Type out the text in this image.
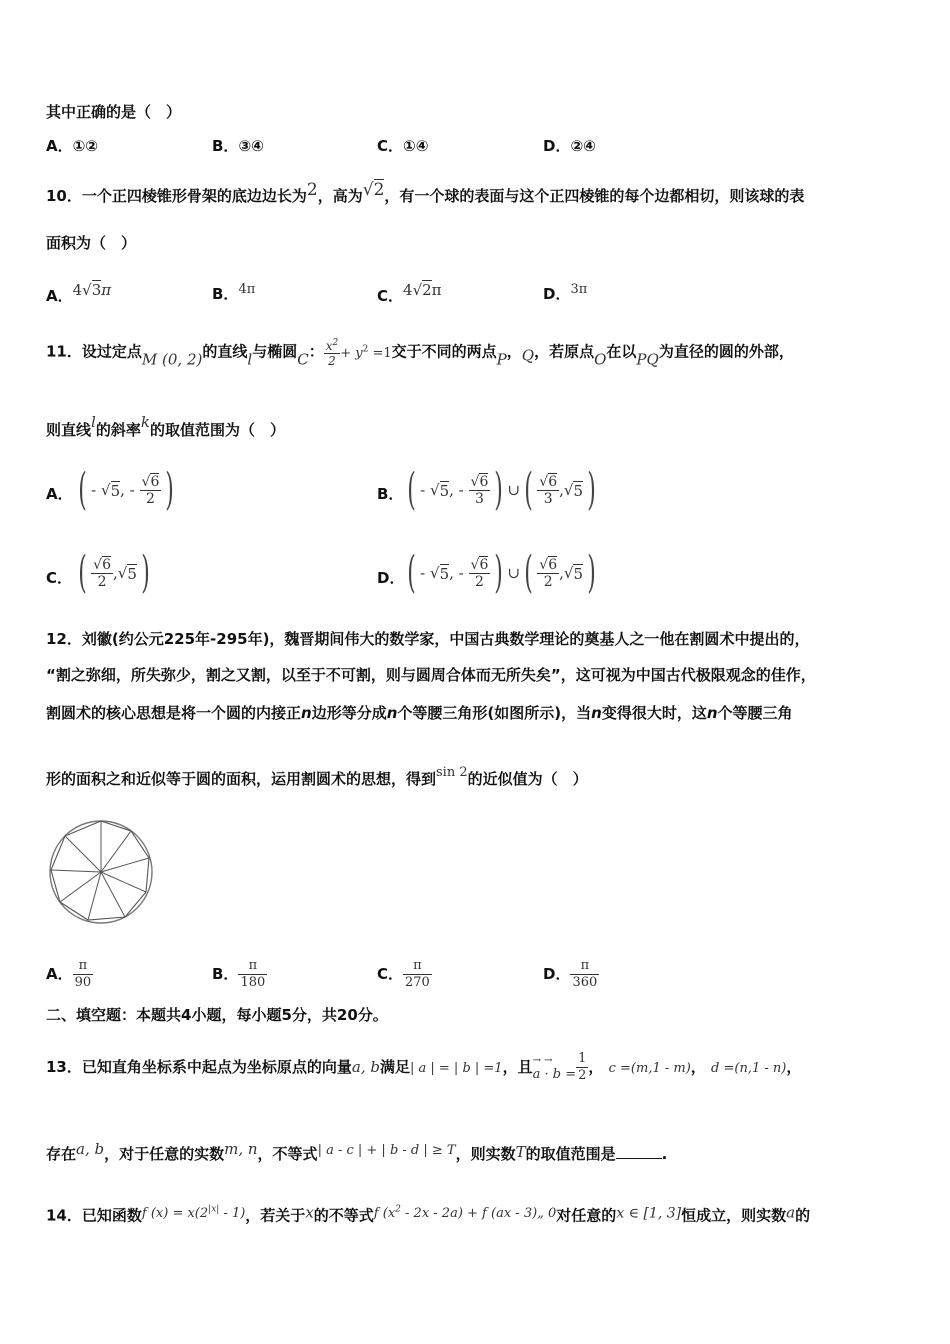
其中正确的是（　）
A．①②	B．③④	C．①④	D．②④
10．一个正四棱锥形骨架的底边边长为2，高为√2，有一个球的表面与这个正四棱锥的每个边都相切，则该球的表
面积为（　）
A．4√3π	B．4π	C．4√2π	D．3π
11．设过定点M (0, 2)的直线l与椭圆C： $\frac{x^2}{2} + y^2 =1$交于不同的两点P，Q，若原点O在以PQ为直径的圆的外部，
则直线l的斜率k的取值范围为（　）
A． ( - √ 5 , -
$\frac{√6}{2}$ )	B． ( - √ 5 , -
$\frac{√6}{3}$ ) ∪ ( $\frac{√6}{3}$ ,√ 5 )
C． ( $\frac{√6}{2}$ ,√ 5 )	D． ( - √ 5 , -
$\frac{√6}{2}$ ) ∪ ( $\frac{√6}{2}$ ,√ 5 )
12．刘徽(约公元225年-295年)，魏晋期间伟大的数学家，中国古典数学理论的奠基人之一他在割圆术中提出的，
“割之弥细，所失弥少，割之又割，以至于不可割，则与圆周合体而无所失矣”，这可视为中国古代极限观念的佳作，
割圆术的核心思想是将一个圆的内接正n边形等分成n个等腰三角形(如图所示)，当n变得很大时，这n个等腰三角
形的面积之和近似等于圆的面积，运用割圆术的思想，得到sin 2的近似值为（　）
A． $\frac{\pi}{90}$	B． $\frac{\pi}{180}$	C． $\frac{\pi}{270}$	D． $\frac{\pi}{360}$
二、填空题：本题共4小题，每小题5分，共20分。
13．已知直角坐标系中起点为坐标原点的向量a, b满足| a | = | b | =1，且 → →
$a \cdot b = \frac{1}{2}$ ， c =(m,1 - m)， d =(n,1 - n)，
存在a, b，对于任意的实数m, n，不等式| a - c | + | b - d | ≥ T，则实数T的取值范围是	.
14．已知函数f $(x) = x(2^{|x|} - 1)$，若关于x的不等式f $(x^2 - 2x - 2a) + f$ (ax - 3)„ 0对任意的x ∈ [1, 3]恒成立，则实数a的
